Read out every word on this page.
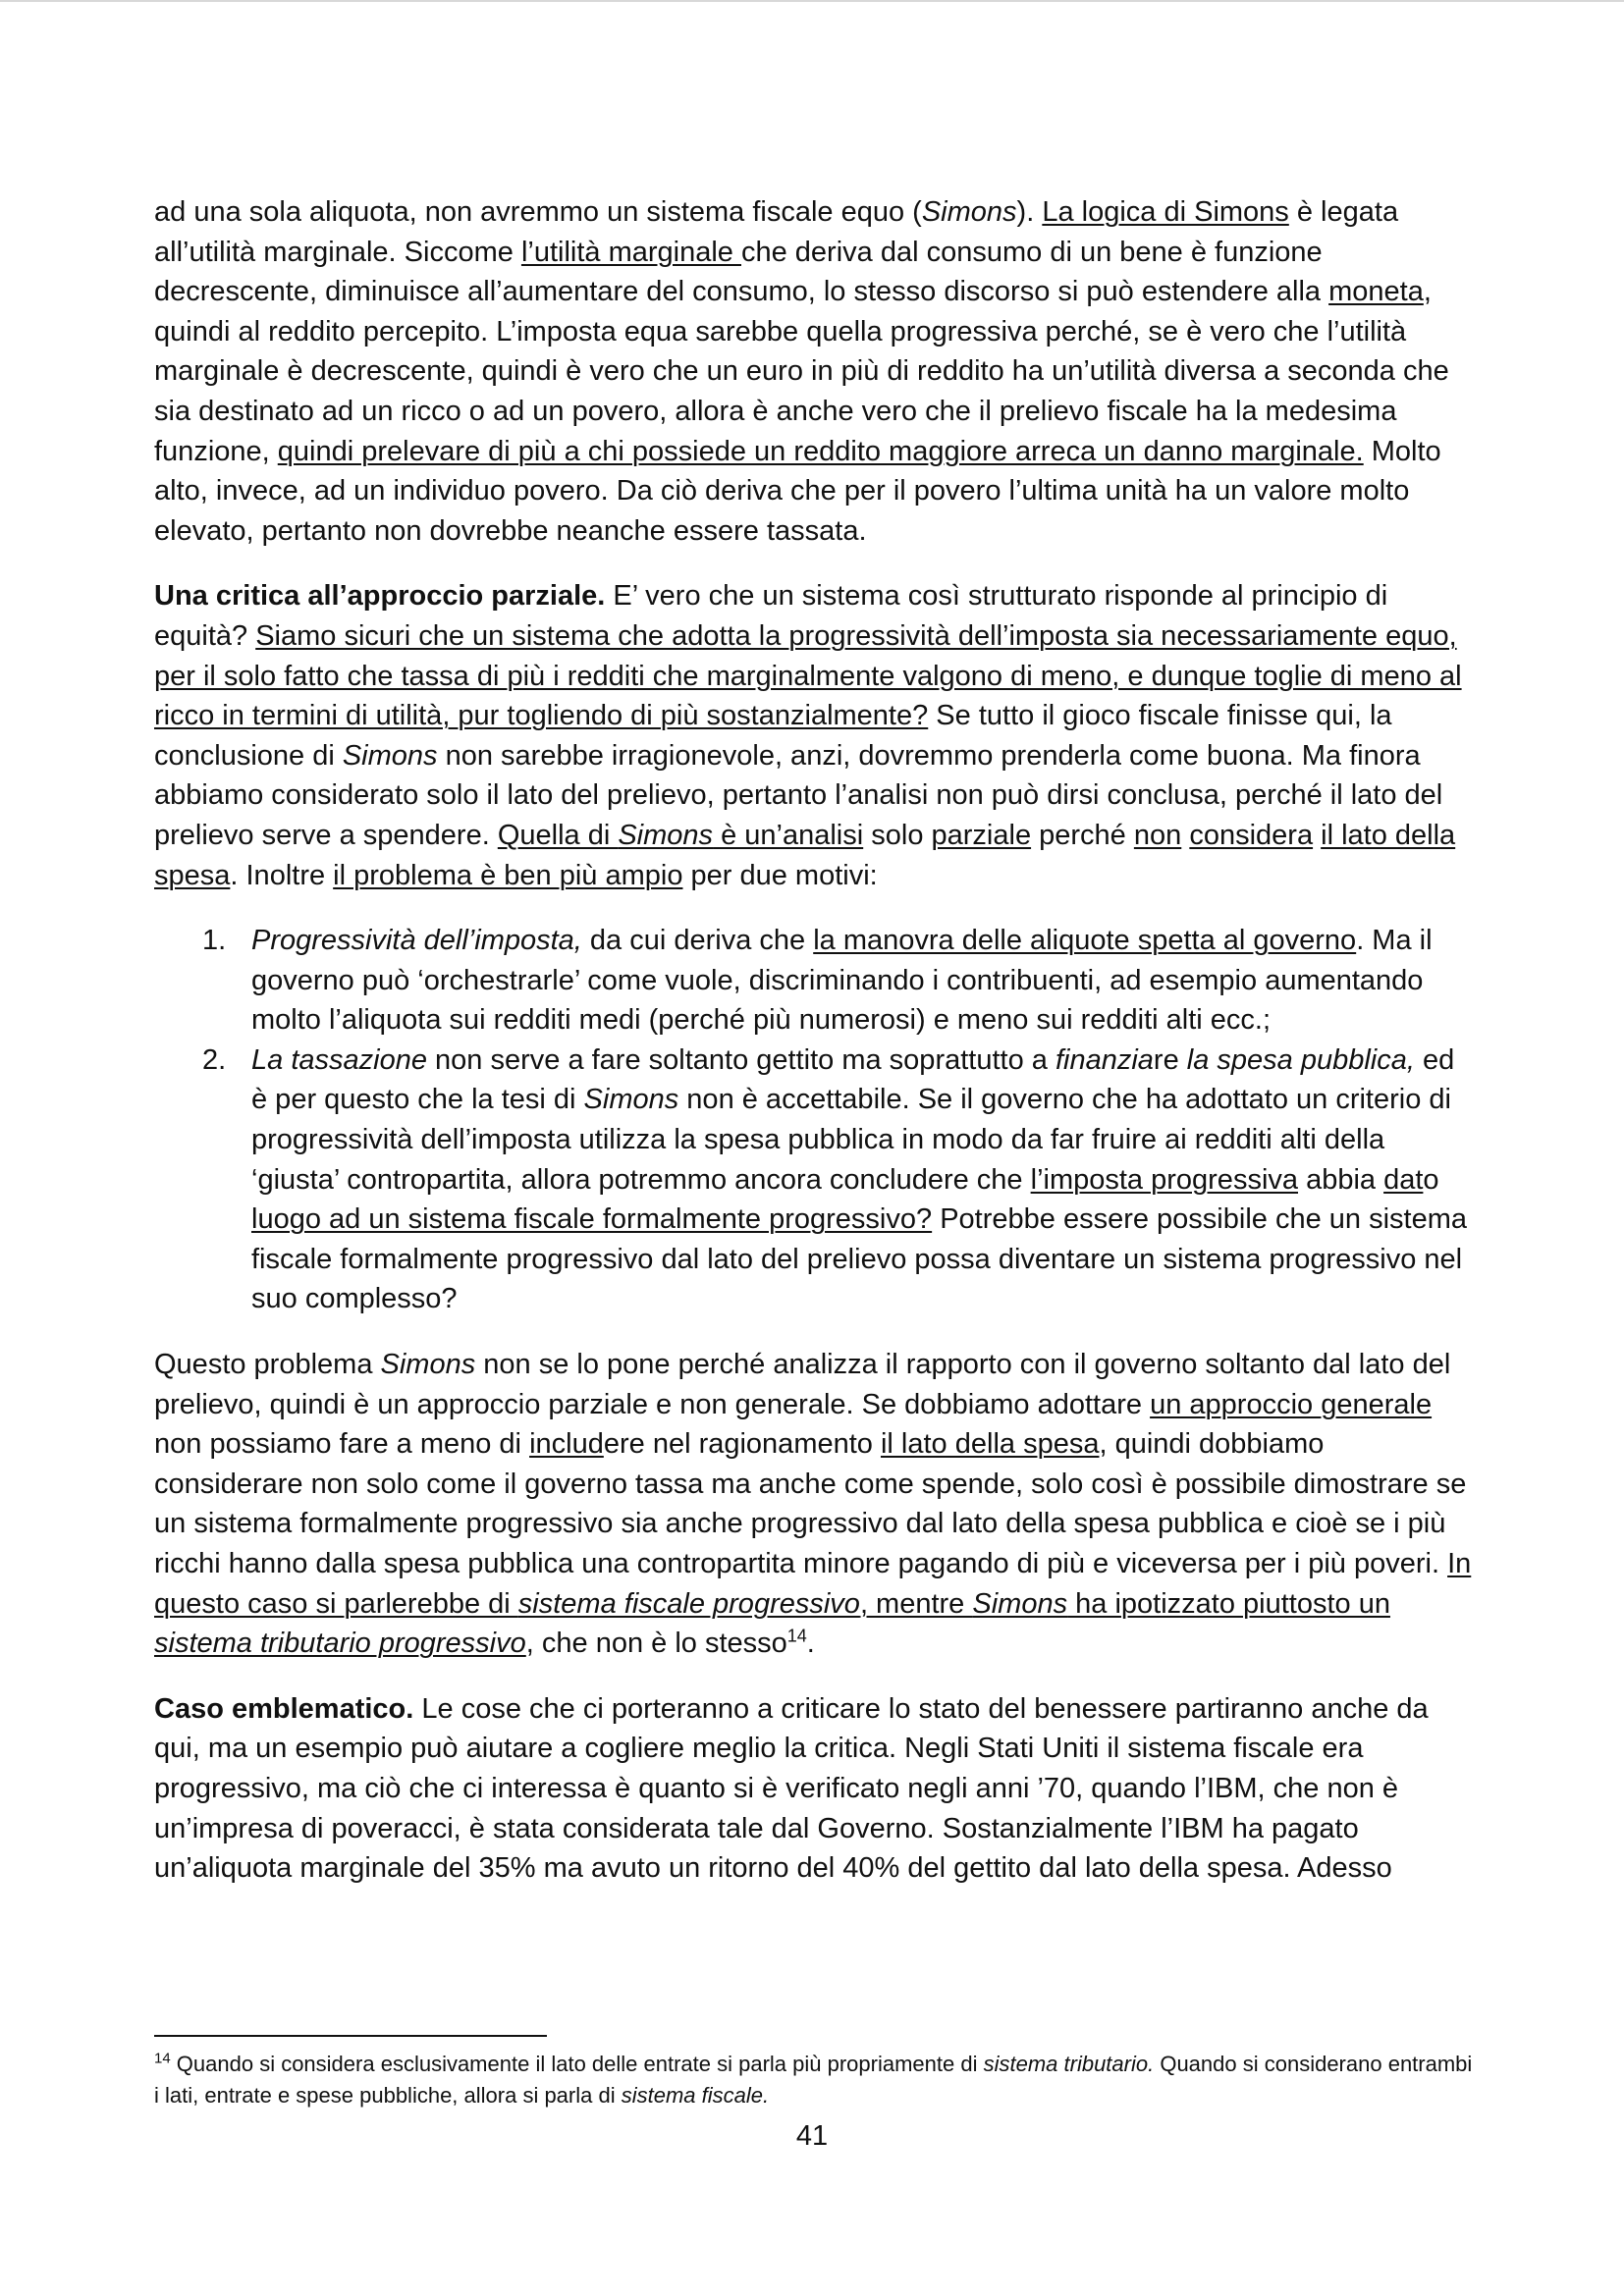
ad una sola aliquota, non avremmo un sistema fiscale equo (Simons). La logica di Simons è legata all’utilità marginale. Siccome l’utilità marginale che deriva dal consumo di un bene è funzione decrescente, diminuisce all’aumentare del consumo, lo stesso discorso si può estendere alla moneta, quindi al reddito percepito. L’imposta equa sarebbe quella progressiva perché, se è vero che l’utilità marginale è decrescente, quindi è vero che un euro in più di reddito ha un’utilità diversa a seconda che sia destinato ad un ricco o ad un povero, allora è anche vero che il prelievo fiscale ha la medesima funzione, quindi prelevare di più a chi possiede un reddito maggiore arreca un danno marginale. Molto alto, invece, ad un individuo povero. Da ciò deriva che per il povero l’ultima unità ha un valore molto elevato, pertanto non dovrebbe neanche essere tassata.

Una critica all’approccio parziale. E’ vero che un sistema così strutturato risponde al principio di equità? Siamo sicuri che un sistema che adotta la progressività dell’imposta sia necessariamente equo, per il solo fatto che tassa di più i redditi che marginalmente valgono di meno, e dunque toglie di meno al ricco in termini di utilità, pur togliendo di più sostanzialmente? Se tutto il gioco fiscale finisse qui, la conclusione di Simons non sarebbe irragionevole, anzi, dovremmo prenderla come buona. Ma finora abbiamo considerato solo il lato del prelievo, pertanto l’analisi non può dirsi conclusa, perché il lato del prelievo serve a spendere. Quella di Simons è un’analisi solo parziale perché non considera il lato della spesa. Inoltre il problema è ben più ampio per due motivi:

1. Progressività dell’imposta, da cui deriva che la manovra delle aliquote spetta al governo. Ma il governo può ‘orchestrarle’ come vuole, discriminando i contribuenti, ad esempio aumentando molto l’aliquota sui redditi medi (perché più numerosi) e meno sui redditi alti ecc.;
2. La tassazione non serve a fare soltanto gettito ma soprattutto a finanziare la spesa pubblica, ed è per questo che la tesi di Simons non è accettabile. Se il governo che ha adottato un criterio di progressività dell’imposta utilizza la spesa pubblica in modo da far fruire ai redditi alti della ‘giusta’ contropartita, allora potremmo ancora concludere che l’imposta progressiva abbia dato luogo ad un sistema fiscale formalmente progressivo? Potrebbe essere possibile che un sistema fiscale formalmente progressivo dal lato del prelievo possa diventare un sistema progressivo nel suo complesso?

Questo problema Simons non se lo pone perché analizza il rapporto con il governo soltanto dal lato del prelievo, quindi è un approccio parziale e non generale. Se dobbiamo adottare un approccio generale non possiamo fare a meno di includere nel ragionamento il lato della spesa, quindi dobbiamo considerare non solo come il governo tassa ma anche come spende, solo così è possibile dimostrare se un sistema formalmente progressivo sia anche progressivo dal lato della spesa pubblica e cioè se i più ricchi hanno dalla spesa pubblica una contropartita minore pagando di più e viceversa per i più poveri. In questo caso si parlerebbe di sistema fiscale progressivo, mentre Simons ha ipotizzato piuttosto un sistema tributario progressivo, che non è lo stesso$^{14}$.

Caso emblematico. Le cose che ci porteranno a criticare lo stato del benessere partiranno anche da qui, ma un esempio può aiutare a cogliere meglio la critica. Negli Stati Uniti il sistema fiscale era progressivo, ma ciò che ci interessa è quanto si è verificato negli anni ’70, quando l’IBM, che non è un’impresa di poveracci, è stata considerata tale dal Governo. Sostanzialmente l’IBM ha pagato un’aliquota marginale del 35% ma avuto un ritorno del 40% del gettito dal lato della spesa. Adesso

$^{14}$ Quando si considera esclusivamente il lato delle entrate si parla più propriamente di sistema tributario. Quando si considerano entrambi i lati, entrate e spese pubbliche, allora si parla di sistema fiscale.
41
